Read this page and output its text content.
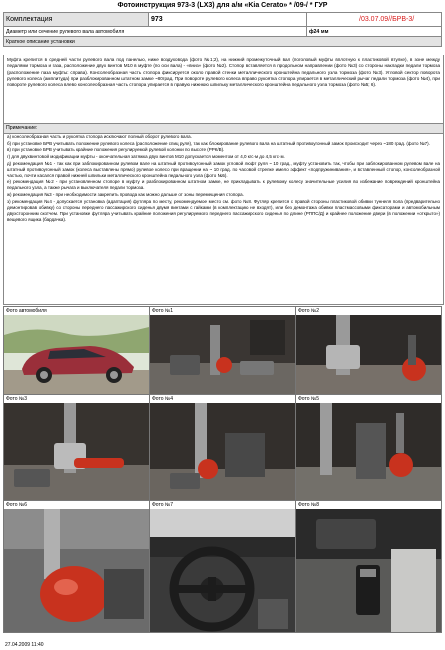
Фотоинструкция 973-3 (LX3) для а/м «Kia Cerato» * /09-/ * ГУР
Комплектация	973	/03.07.09//БРВ-3/
Диаметр или сечение рулевого вала автомобиля		ф24 мм
Краткое описание установки		
Муфта крепится в средней части рулевого вала под панелью, ниже воздуховода (фото №1;2), на нижний промежуточный вал (поголовый муфты вплотную к пластиковой втулке), в зоне между педалями тормоза и газа, расположение двух винтов М10 в муфте (по оси вала) - «вниз» (фото №2). Стопор вставляется в продольном направлении (фото №3) со стороны накладки педали тормоза (расположение паза муфты: справа). Консолеобразная часть стопора фиксируется около правой стенки металлического кронштейна педального узла тормоза (фото №3). Угловой сектор поворота рулевого колеса (амплитуда) при разблокированном штатном замке ~80град. При повороте рулевого колеса вправо рукоятка стопора упирается в металлический рычаг педали тормоза (фото №4), при повороте рулевого колеса влево консолеобразная часть стопора упирается в правую нижнюю шпильку металлического кронштейна педального узла тормоза (фото №5; 6).
Примечание:

а) консолеобразная часть и рукоятка стопора исключают полный оборот рулевого вала.

б) при установке БРВ учитывать положение рулевого колеса (расположение спиц руля), так как блокирование рулевого вала на штатный противоугонный замок происходит через ~180 град. (фото №7).

в) при установке БРВ учитывать крайние положения регулируемой рулевой колонки по высоте (РРК/В).

г) для двухвинтовой модификации муфты - окончательная затяжка двух винтов М10 допускается моментом от 4,0 кгс·м до 4,5 кгс·м.

д) рекомендация №1 - так как при заблокированном рулевом вале на штатный противоугонный замок угловой люфт руля ~ 10 град., муфту установить так, чтобы при заблокированном рулевом вале на штатный противоугонный замок (колеса выставлены прямо) рулевое колесо при вращении на ~ 10 град. по часовой стрелке имело эффект «подпружинивания», и вставленный стопор, консолеобразной частью, почти касался правой нижней шпильки металлического кронштейна педального узла (фото №5).

е) рекомендация №2 - при установленном стопоре в муфту и разблокированном штатном замке, не прикладывать к рулевому колесу значительные усилия во избежание повреждений кронштейна педального узла, а также рычага и выключателя педали тормоза.

ж) рекомендация №3 - при необходимости закрепить провода как можно дальше от зоны перемещения стопора.

з) рекомендация №4 - допускается установка (адаптация) футляра по месту, рекомендуемое место см. фото №8. Футляр крепится с правой стороны пластиковой обивки туннеля пола (предварительно демонтировав обивку) со стороны переднего пассажирского сиденья двумя винтами с гайками (в комплектацию не входят), или без демонтажа обивки пластмассовыми фиксаторами и автомобильным двухсторонним скотчем. При установке футляра учитывать крайние положения регулируемого переднего пассажирского сиденья по длине (РППС/Д) и крайнее положение двери (в положении «открыто») вещевого ящика (бардачка).

Фото автомобиля	Фото №1	Фото №2
Фото №3	Фото №4	Фото №5
Фото №6	Фото №7	Фото №8
27.04.2009 11:40
